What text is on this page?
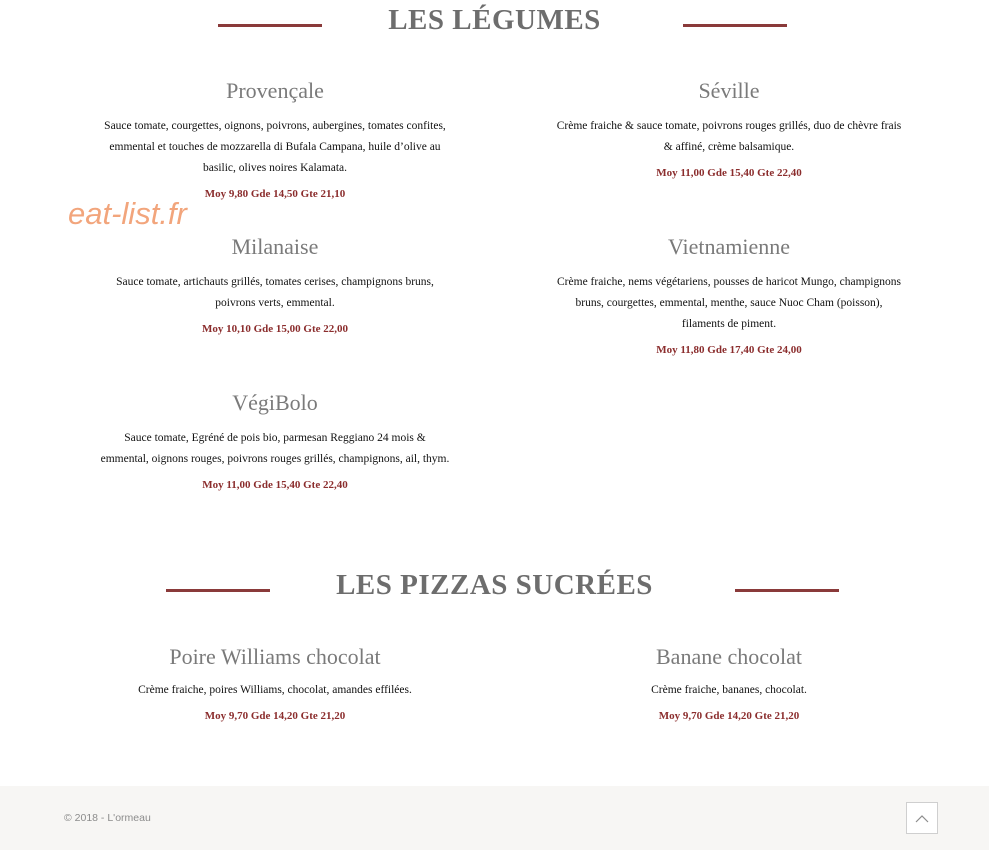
LES LÉGUMES
Provençale
Sauce tomate, courgettes, oignons, poivrons, aubergines, tomates confites, emmental et touches de mozzarella di Bufala Campana, huile d’olive au basilic, olives noires Kalamata.
Moy 9,80 Gde 14,50 Gte 21,10
Séville
Crème fraiche & sauce tomate, poivrons rouges grillés, duo de chèvre frais & affiné, crème balsamique.
Moy 11,00 Gde 15,40 Gte 22,40
Milanaise
Sauce tomate, artichauts grillés, tomates cerises, champignons bruns, poivrons verts, emmental.
Moy 10,10 Gde 15,00 Gte 22,00
Vietnamienne
Crème fraiche, nems végétariens, pousses de haricot Mungo, champignons bruns, courgettes, emmental, menthe, sauce Nuoc Cham (poisson), filaments de piment.
Moy 11,80 Gde 17,40 Gte 24,00
VégiBolo
Sauce tomate, Egréné de pois bio, parmesan Reggiano 24 mois & emmental, oignons rouges, poivrons rouges grillés, champignons, ail, thym.
Moy 11,00 Gde 15,40 Gte 22,40
eat-list.fr
LES PIZZAS SUCRÉES
Poire Williams chocolat
Crème fraiche, poires Williams, chocolat, amandes effilées.
Moy 9,70 Gde 14,20 Gte 21,20
Banane chocolat
Crème fraiche, bananes, chocolat.
Moy 9,70 Gde 14,20 Gte 21,20
© 2018 - L'ormeau
